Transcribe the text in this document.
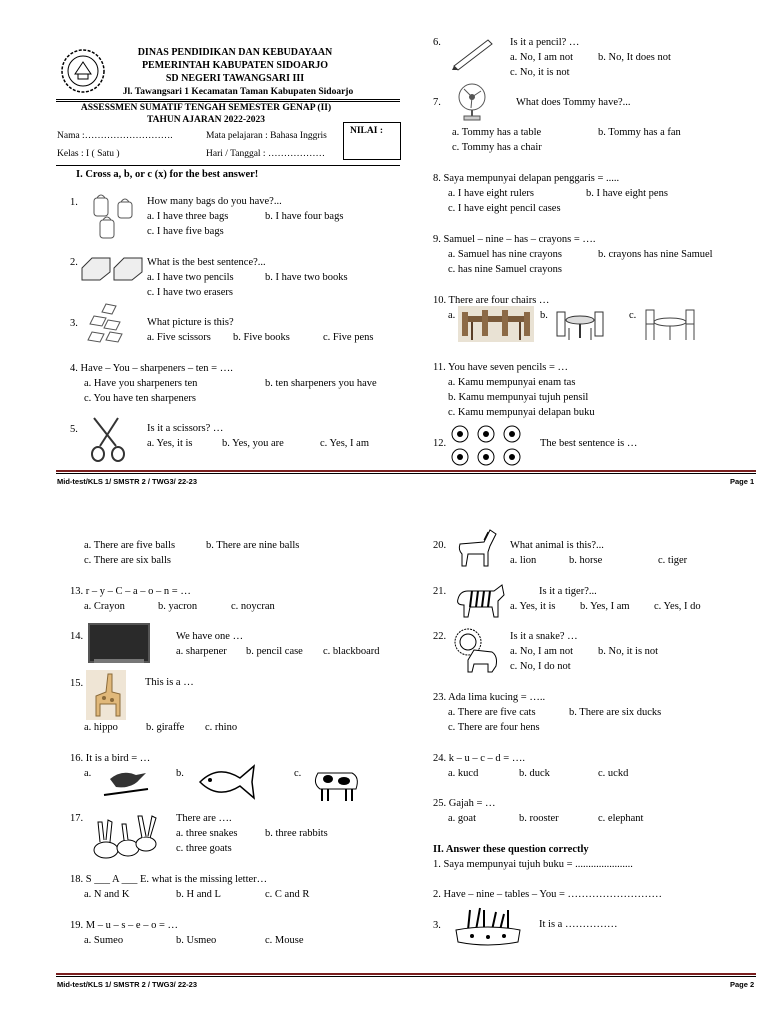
DINAS PENDIDIKAN DAN KEBUDAYAAN
PEMERINTAH KABUPATEN SIDOARJO
SD NEGERI TAWANGSARI III
Jl. Tawangsari 1 Kecamatan Taman Kabupaten Sidoarjo
ASSESSMEN SUMATIF TENGAH SEMESTER GENAP (II)
TAHUN AJARAN 2022-2023
Nama :……………………….
Kelas : I ( Satu )
Mata pelajaran : Bahasa Inggris
Hari / Tanggal : ………………
NILAI :
I. Cross a, b, or c (x) for the best answer!
1.	How many bags do you have?...
a. I have three bags	b. I have four bags
c. I have five bags
2.	What is the best sentence?...
a. I have two pencils	b. I have two books
c. I have two erasers
3.	What picture is this?
a. Five scissors b. Five books	c. Five pens
4. Have – You – sharpeners – ten = ….
a. Have you sharpeners ten	b. ten sharpeners you have
c. You have ten sharpeners
5.	Is it a scissors? …
a. Yes, it is	b. Yes, you are	c. Yes, I am
6.	Is it a pencil? …
a. No, I am not b. No, It does not
c. No, it is not
7.	What does Tommy have?...
a. Tommy has a table	b. Tommy has a fan
c. Tommy has a chair
8. Saya mempunyai delapan penggaris = .....
a. I have eight rulers	b. I have eight pens
c. I have eight pencil cases
9. Samuel – nine – has – crayons = ….
a. Samuel has nine crayons	b. crayons has nine Samuel
c. has nine Samuel crayons
10. There are four chairs …
a.	b.	c.
11. You have seven pencils = …
a. Kamu mempunyai enam tas
b. Kamu mempunyai tujuh pensil
c. Kamu mempunyai delapan buku
12.	The best sentence is …
Mid-test/KLS 1/ SMSTR 2 / TWG3/ 22-23	Page 1
a. There are five balls	b. There are nine balls
c. There are six balls
13. r – y – C – a – o – n = …
a. Crayon	b. yacron	c. noycran
14.	We have one …
a. sharpener b. pencil case c. blackboard
15.	This is a …
a. hippo	b. giraffe c. rhino
16. It is a bird = …
a.	b.	c.
17.	There are ….
a. three snakes	b. three rabbits
c. three goats
18. S ___ A ___ E. what is the missing letter…
a. N and K	b. H and L	c. C and R
19. M – u – s – e – o = …
a. Sumeo	b. Usmeo	c. Mouse
20.	What animal is this?...
a. lion	b. horse	c. tiger
21.	Is it a tiger?...
a. Yes, it is b. Yes, I am c. Yes, I do
22.	Is it a snake? …
a. No, I am not b. No, it is not
c. No, I do not
23. Ada lima kucing = …..
a. There are five cats	b. There are six ducks
c. There are four hens
24. k – u – c – d = ….
a. kucd	b. duck	c. uckd
25. Gajah = …
a. goat	b. rooster	c. elephant
II. Answer these question correctly
1. Saya mempunyai tujuh buku = ......................
2. Have – nine – tables – You = ………………………
3.	It is a ……………
Mid-test/KLS 1/ SMSTR 2 / TWG3/ 22-23	Page 2
